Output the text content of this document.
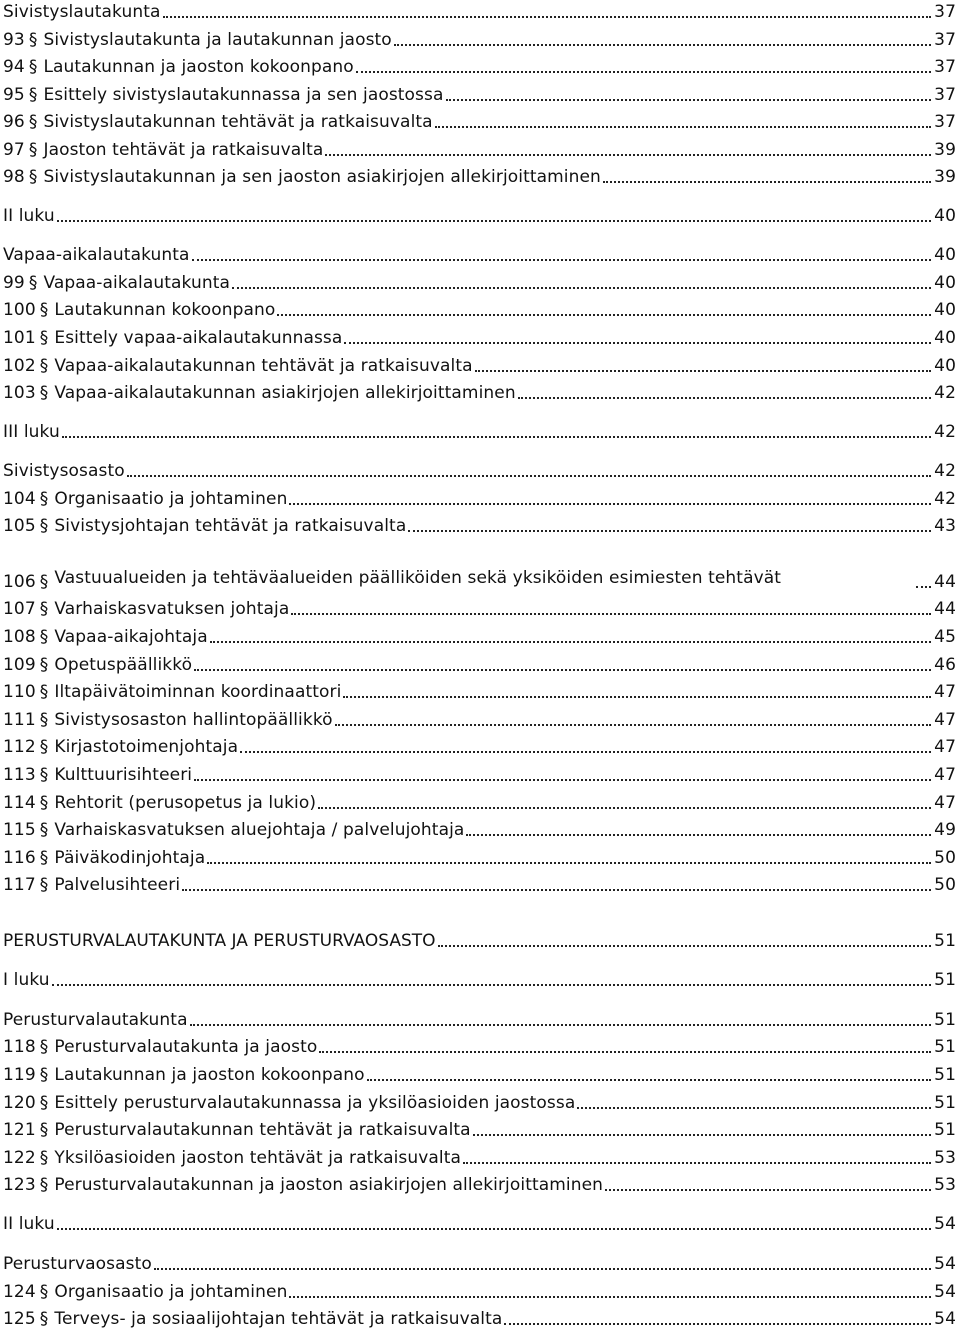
Sivistyslautakunta	37
93 § Sivistyslautakunta ja lautakunnan jaosto	37
94 § Lautakunnan ja jaoston kokoonpano	37
95 § Esittely sivistyslautakunnassa ja sen jaostossa	37
96 § Sivistyslautakunnan tehtävät ja ratkaisuvalta	37
97 § Jaoston tehtävät ja ratkaisuvalta	39
98 § Sivistyslautakunnan ja sen jaoston asiakirjojen allekirjoittaminen	39
II luku	40
Vapaa-aikalautakunta	40
99 § Vapaa-aikalautakunta	40
100 § Lautakunnan kokoonpano	40
101 § Esittely vapaa-aikalautakunnassa	40
102 § Vapaa-aikalautakunnan tehtävät ja ratkaisuvalta	40
103 § Vapaa-aikalautakunnan asiakirjojen allekirjoittaminen	42
III luku	42
Sivistysosasto	42
104 § Organisaatio ja johtaminen	42
105 § Sivistysjohtajan tehtävät ja ratkaisuvalta	43
106 § Vastuualueiden ja tehtäväalueiden päälliköiden sekä yksiköiden esimiesten tehtävät	44
107 § Varhaiskasvatuksen johtaja	44
108 § Vapaa-aikajohtaja	45
109 § Opetuspäällikkö	46
110 § Iltapäivätoiminnan koordinaattori	47
111 § Sivistysosaston hallintopäällikkö	47
112 § Kirjastotoimenjohtaja	47
113 § Kulttuurisihteeri	47
114 § Rehtorit (perusopetus ja lukio)	47
115 § Varhaiskasvatuksen aluejohtaja / palvelujohtaja	49
116 § Päiväkodinjohtaja	50
117 § Palvelusihteeri	50
PERUSTURVALAUTAKUNTA JA PERUSTURVAOSASTO	51
I luku	51
Perusturvalautakunta	51
118 § Perusturvalautakunta ja jaosto	51
119 § Lautakunnan ja jaoston kokoonpano	51
120 § Esittely perusturvalautakunnassa ja yksilöasioiden jaostossa	51
121 § Perusturvalautakunnan tehtävät ja ratkaisuvalta	51
122 § Yksilöasioiden jaoston tehtävät ja ratkaisuvalta	53
123 § Perusturvalautakunnan ja jaoston asiakirjojen allekirjoittaminen	53
II luku	54
Perusturvaosasto	54
124 § Organisaatio ja johtaminen	54
125 § Terveys- ja sosiaalijohtajan tehtävät ja ratkaisuvalta	54
